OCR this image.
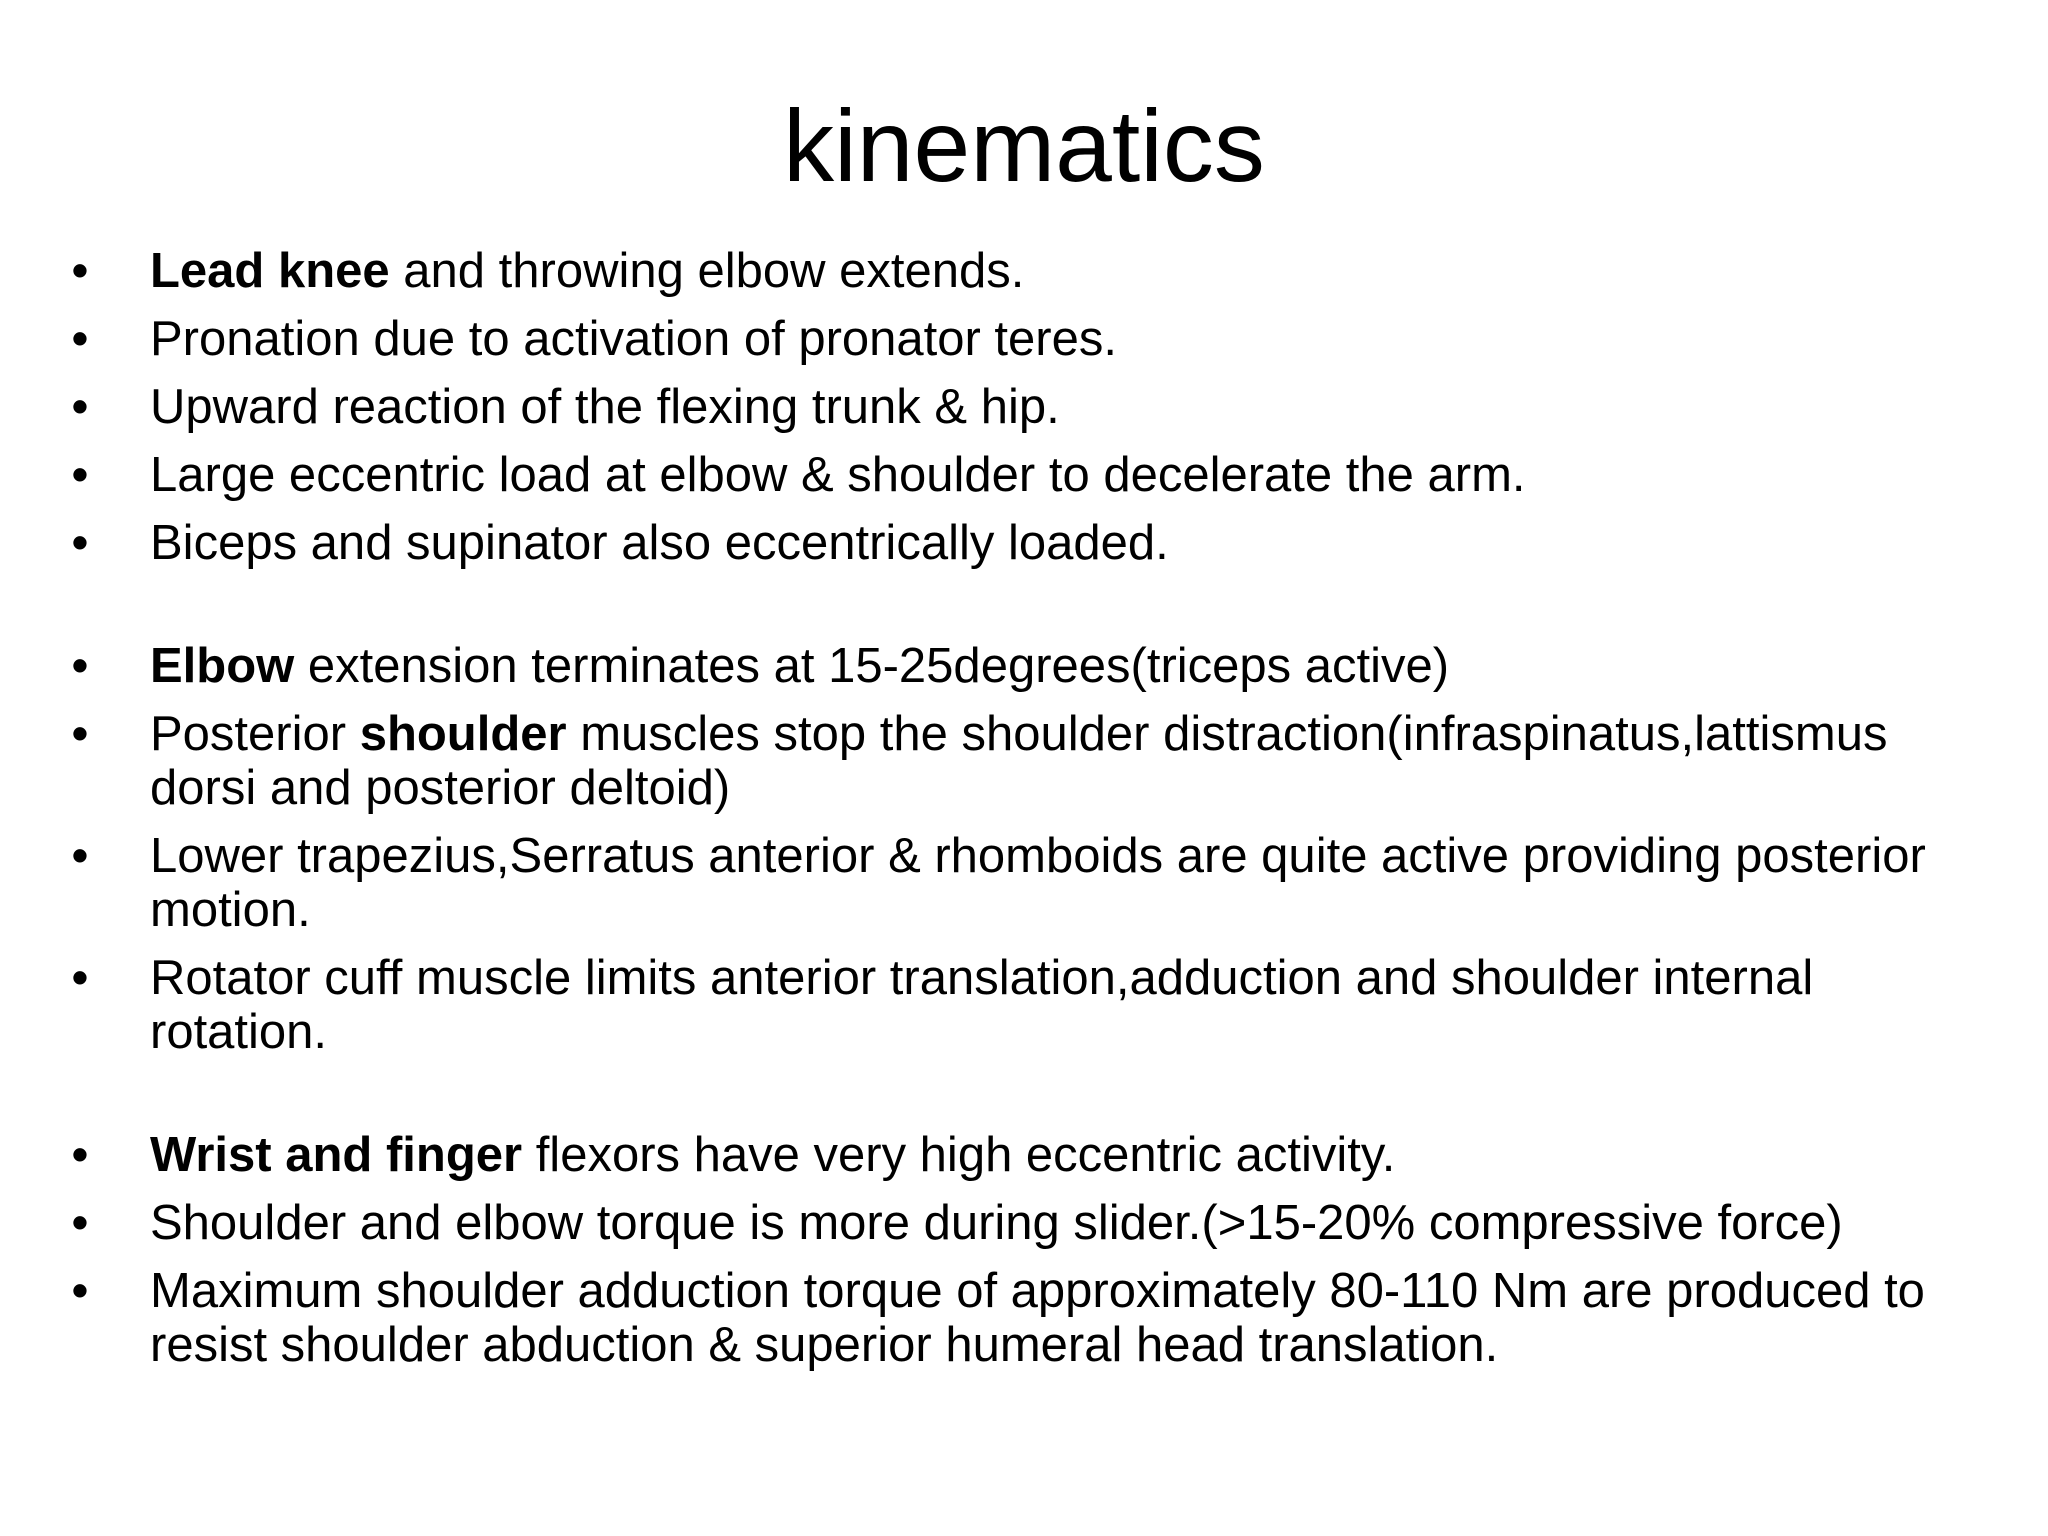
kinematics
• Lead knee and throwing elbow extends.
• Pronation due to activation of pronator teres.
• Upward reaction of the flexing trunk & hip.
• Large eccentric load at elbow & shoulder to decelerate the arm.
• Biceps and supinator also eccentrically loaded.
• Elbow extension terminates at 15-25degrees(triceps active)
• Posterior shoulder muscles stop the shoulder distraction(infraspinatus,lattismus dorsi and posterior deltoid)
• Lower trapezius,Serratus anterior & rhomboids are quite active providing posterior motion.
• Rotator cuff muscle limits anterior translation,adduction and shoulder internal rotation.
• Wrist and finger flexors have very high eccentric activity.
• Shoulder and elbow torque is more during slider.(>15-20% compressive force)
• Maximum shoulder adduction torque of approximately 80-110 Nm are produced to resist shoulder abduction & superior humeral head translation.
